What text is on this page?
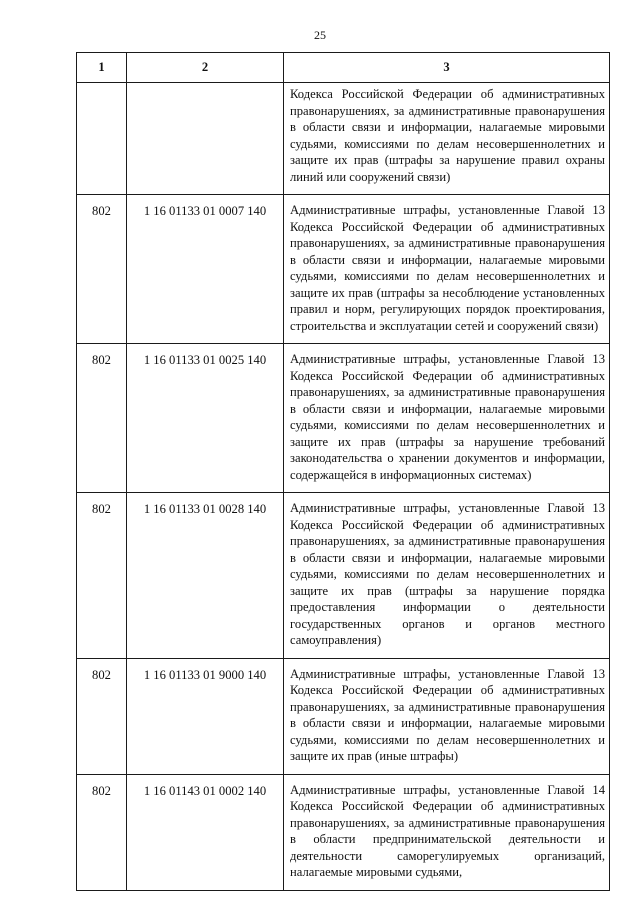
25
1	2	3
		Кодекса Российской Федерации об административных правонарушениях, за административные правонарушения в области связи и информации, налагаемые мировыми судьями, комиссиями по делам несовершеннолетних и защите их прав (штрафы за нарушение правил охраны линий или сооружений связи)
802	1 16 01133 01 0007 140	Административные штрафы, установленные Главой 13 Кодекса Российской Федерации об административных правонарушениях, за административные правонарушения в области связи и информации, налагаемые мировыми судьями, комиссиями по делам несовершеннолетних и защите их прав (штрафы за несоблюдение установленных правил и норм, регулирующих порядок проектирования, строительства и эксплуатации сетей и сооружений связи)
802	1 16 01133 01 0025 140	Административные штрафы, установленные Главой 13 Кодекса Российской Федерации об административных правонарушениях, за административные правонарушения в области связи и информации, налагаемые мировыми судьями, комиссиями по делам несовершеннолетних и защите их прав (штрафы за нарушение требований законодательства о хранении документов и информации, содержащейся в информационных системах)
802	1 16 01133 01 0028 140	Административные штрафы, установленные Главой 13 Кодекса Российской Федерации об административных правонарушениях, за административные правонарушения в области связи и информации, налагаемые мировыми судьями, комиссиями по делам несовершеннолетних и защите их прав (штрафы за нарушение порядка предоставления информации о деятельности государственных органов и органов местного самоуправления)
802	1 16 01133 01 9000 140	Административные штрафы, установленные Главой 13 Кодекса Российской Федерации об административных правонарушениях, за административные правонарушения в области связи и информации, налагаемые мировыми судьями, комиссиями по делам несовершеннолетних и защите их прав (иные штрафы)
802	1 16 01143 01 0002 140	Административные штрафы, установленные Главой 14 Кодекса Российской Федерации об административных правонарушениях, за административные правонарушения в области предпринимательской деятельности и деятельности саморегулируемых организаций, налагаемые мировыми судьями,
